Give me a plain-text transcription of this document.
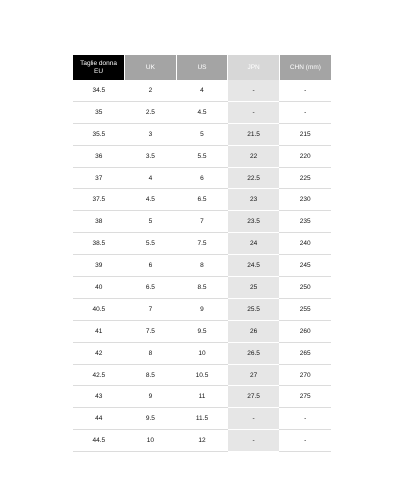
Taglie donna
EU	UK	US	JPN	CHN (mm)
34.5	2	4	-	-
35	2.5	4.5	-	-
35.5	3	5	21.5	215
36	3.5	5.5	22	220
37	4	6	22.5	225
37.5	4.5	6.5	23	230
38	5	7	23.5	235
38.5	5.5	7.5	24	240
39	6	8	24.5	245
40	6.5	8.5	25	250
40.5	7	9	25.5	255
41	7.5	9.5	26	260
42	8	10	26.5	265
42.5	8.5	10.5	27	270
43	9	11	27.5	275
44	9.5	11.5	-	-
44.5	10	12	-	-
